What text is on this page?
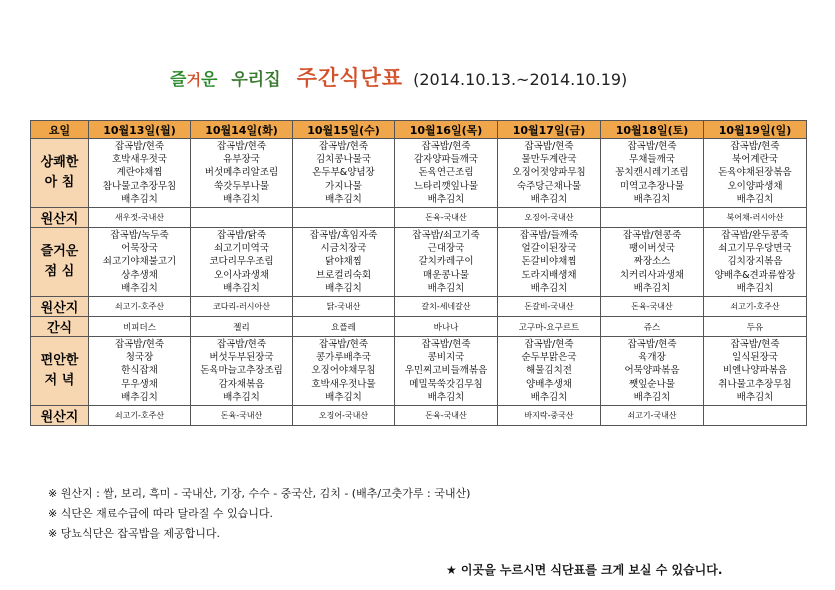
즐 거 운 우리집 주간식단표 (2014.10.13.~2014.10.19)
요일	10월13일(월)	10월14일(화)	10월15일(수)	10월16일(목)	10월17일(금)	10월18일(토)	10월19일(일)

상쾌한
아 침	잡곡밥/현죽
호박새우젓국
계란야채찜
참나물고추장무침
배추김치	잡곡밥/현죽
유부장국
버섯메추리알조림
쑥갓두부나물
배추김치	잡곡밥/현죽
김치콩나물국
온두부&양념장
가지나물
배추김치	잡곡밥/현죽
감자양파들깨국
돈육연근조림
느타리깻잎나물
배추김치	잡곡밥/현죽
물만두계란국
오징어젓양파무침
숙주당근채나물
배추김치	잡곡밥/현죽
무채들깨국
꽁치캔시레기조림
미역고추장나물
배추김치	잡곡밥/현죽
북어계란국
돈육야채된장볶음
오이양파생채
배추김치

원산지	새우젓-국내산			돈육-국내산	오징어-국내산		북어채-러시아산

즐거운
점 심	잡곡밥/녹두죽
어묵장국
쇠고기야채불고기
상추생채
배추김치	잡곡밥/닭죽
쇠고기미역국
코다리무우조림
오이사과생채
배추김치	잡곡밥/흑임자죽
시금치장국
닭야채찜
브로컬리숙회
배추김치	잡곡밥/쇠고기죽
근대장국
갈치카레구이
매운콩나물
배추김치	잡곡밥/들깨죽
얼갈이된장국
돈갈비야채찜
도라지배생채
배추김치	잡곡밥/현콩죽
팽이버섯국
짜장소스
치커리사과생채
배추김치	잡곡밥/완두콩죽
쇠고기무우당면국
김치장지볶음
양배추&견과류쌈장
배추김치

원산지	쇠고기-호주산	코다리-러시아산	닭-국내산	갈치-세네갈산	돈갈비-국내산	돈육-국내산	쇠고기-호주산
간식	비피더스	젤리	요플레	바나나	고구마-요구르트	쥬스	두유

편안한
저 녁	잡곡밥/현죽
청국장
한식잡채
무우생채
배추김치	잡곡밥/현죽
버섯두부된장국
돈육마늘고추장조림
감자채볶음
배추김치	잡곡밥/현죽
콩가루배추국
오징어야채무침
호박새우젓나물
배추김치	잡곡밥/현죽
콩비지국
우민찌고비들깨볶음
메밀묵쑥갓김무침
배추김치	잡곡밥/현죽
순두부맑은국
해물김치전
양배추생채
배추김치	잡곡밥/현죽
육개장
어묵양파볶음
쨋잎순나물
배추김치	잡곡밥/현죽
일식된장국
비엔나양파볶음
취나물고추장무침
배추김치

원산지	쇠고기-호주산	돈육-국내산	오징어-국내산	돈육-국내산	바지락-중국산	쇠고기-국내산	
※ 원산지 : 쌀, 보리, 흑미 - 국내산, 기장, 수수 - 중국산, 김치 - (배추/고춧가루 : 국내산)
※ 식단은 재료수급에 따라 달라질 수 있습니다.
※ 당뇨식단은 잡곡밥을 제공합니다.
★ 이곳을 누르시면 식단표를 크게 보실 수 있습니다.
